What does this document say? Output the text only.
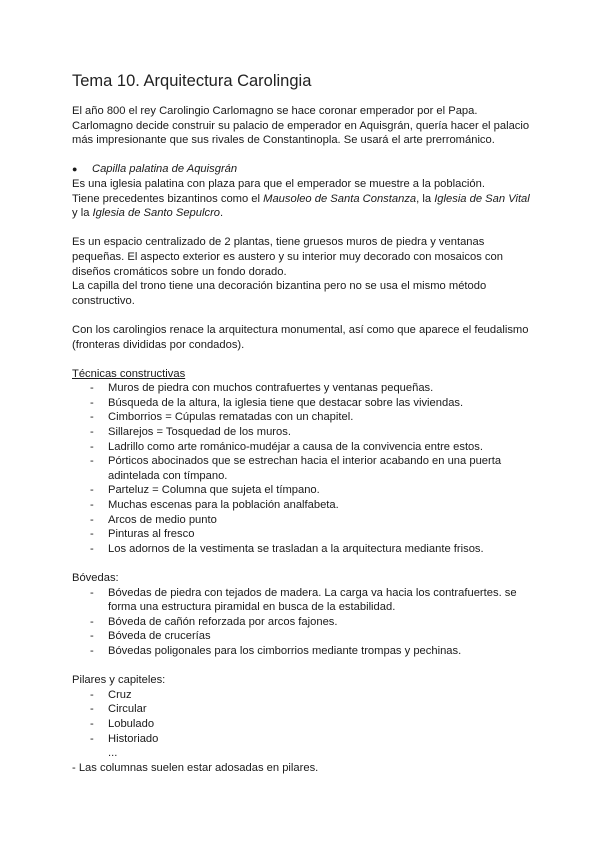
Tema 10. Arquitectura Carolingia

El año 800 el rey Carolingio Carlomagno se hace coronar emperador por el Papa. Carlomagno decide construir su palacio de emperador en Aquisgrán, quería hacer el palacio más impresionante que sus rivales de Constantinopla. Se usará el arte prerrománico.

● Capilla palatina de Aquisgrán

Es una iglesia palatina con plaza para que el emperador se muestre a la población.

Tiene precedentes bizantinos como el Mausoleo de Santa Constanza, la Iglesia de San Vital y la Iglesia de Santo Sepulcro.

Es un espacio centralizado de 2 plantas, tiene gruesos muros de piedra y ventanas pequeñas. El aspecto exterior es austero y su interior muy decorado con mosaicos con diseños cromáticos sobre un fondo dorado.

La capilla del trono tiene una decoración bizantina pero no se usa el mismo método constructivo.

Con los carolingios renace la arquitectura monumental, así como que aparece el feudalismo (fronteras divididas por condados).

Técnicas constructivas

- Muros de piedra con muchos contrafuertes y ventanas pequeñas.
- Búsqueda de la altura, la iglesia tiene que destacar sobre las viviendas.
- Cimborrios = Cúpulas rematadas con un chapitel.
- Sillarejos = Tosquedad de los muros.
- Ladrillo como arte románico-mudéjar a causa de la convivencia entre estos.
- Pórticos abocinados que se estrechan hacia el interior acabando en una puerta adintelada con tímpano.
- Parteluz = Columna que sujeta el tímpano.
- Muchas escenas para la población analfabeta.
- Arcos de medio punto
- Pinturas al fresco
- Los adornos de la vestimenta se trasladan a la arquitectura mediante frisos.

Bóvedas:

- Bóvedas de piedra con tejados de madera. La carga va hacia los contrafuertes. se forma una estructura piramidal en busca de la estabilidad.
- Bóveda de cañón reforzada por arcos fajones.
- Bóveda de crucerías
- Bóvedas poligonales para los cimborrios mediante trompas y pechinas.

Pilares y capiteles:

- Cruz
- Circular
- Lobulado
- Historiado

...

- Las columnas suelen estar adosadas en pilares.
